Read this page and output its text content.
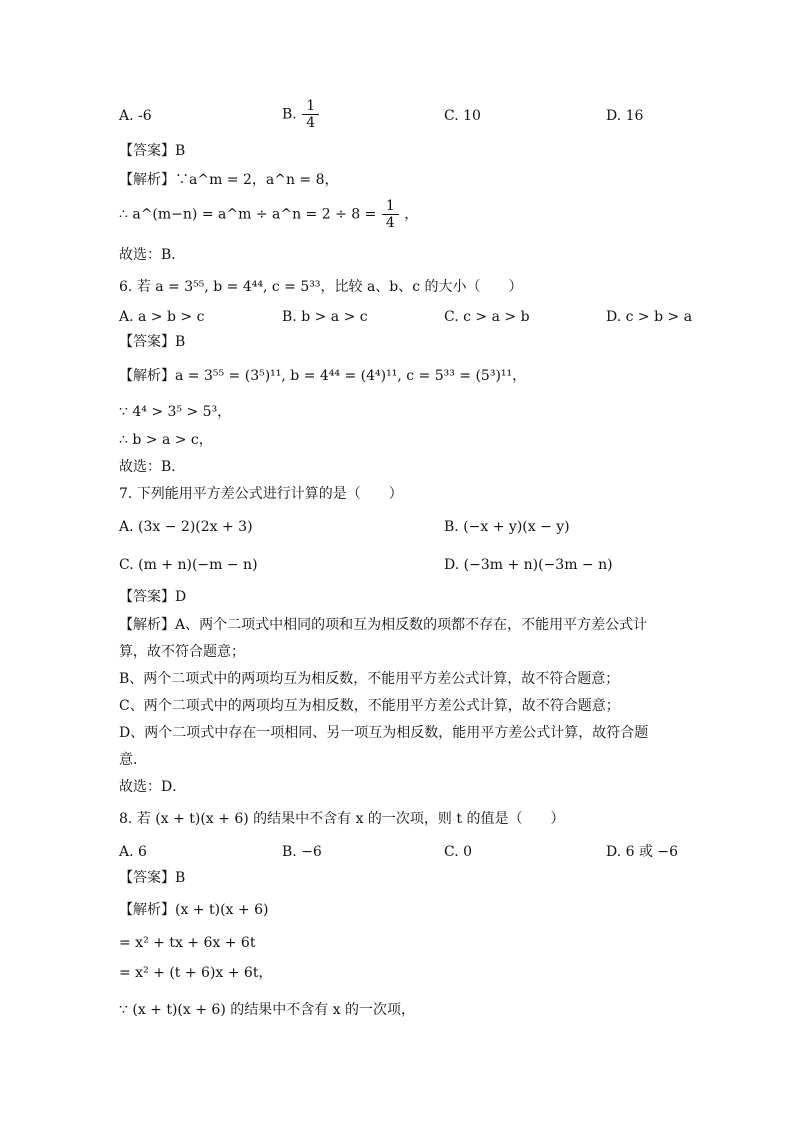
A. -6	B. $\frac{1}{4}$	C. 10	D. 16
【答案】B
【解析】∵a^m = 2，a^n = 8，
∴ a^(m−n) = a^m ÷ a^n = $2 \div 8 = \frac{1}{4}$ ，
故选：B．
6. 若 a = 3⁵⁵, b = 4⁴⁴, c = 5³³，比较 a、b、c 的大小（　　）
A. a > b > c	B. b > a > c	C. c > a > b	D. c > b > a
【答案】B
【解析】a = 3⁵⁵ = (3⁵)¹¹, b = 4⁴⁴ = (4⁴)¹¹, c = 5³³ = (5³)¹¹，
∵ 4⁴ > 3⁵ > 5³，
∴ b > a > c，
故选：B．
7. 下列能用平方差公式进行计算的是（　　）
A. (3x − 2)(2x + 3)	B. (−x + y)(x − y)
C. (m + n)(−m − n)	D. (−3m + n)(−3m − n)
【答案】D
【解析】A、两个二项式中相同的项和互为相反数的项都不存在，不能用平方差公式计
算，故不符合题意；
B、两个二项式中的两项均互为相反数，不能用平方差公式计算，故不符合题意；
C、两个二项式中的两项均互为相反数，不能用平方差公式计算，故不符合题意；
D、两个二项式中存在一项相同、另一项互为相反数，能用平方差公式计算，故符合题
意．
故选：D．
8. 若 (x + t)(x + 6) 的结果中不含有 x 的一次项，则 t 的值是（　　）
A. 6	B. −6	C. 0	D. 6 或 −6
【答案】B
【解析】(x + t)(x + 6)
= x² + tx + 6x + 6t
= x² + (t + 6)x + 6t，
∵ (x + t)(x + 6) 的结果中不含有 x 的一次项，
